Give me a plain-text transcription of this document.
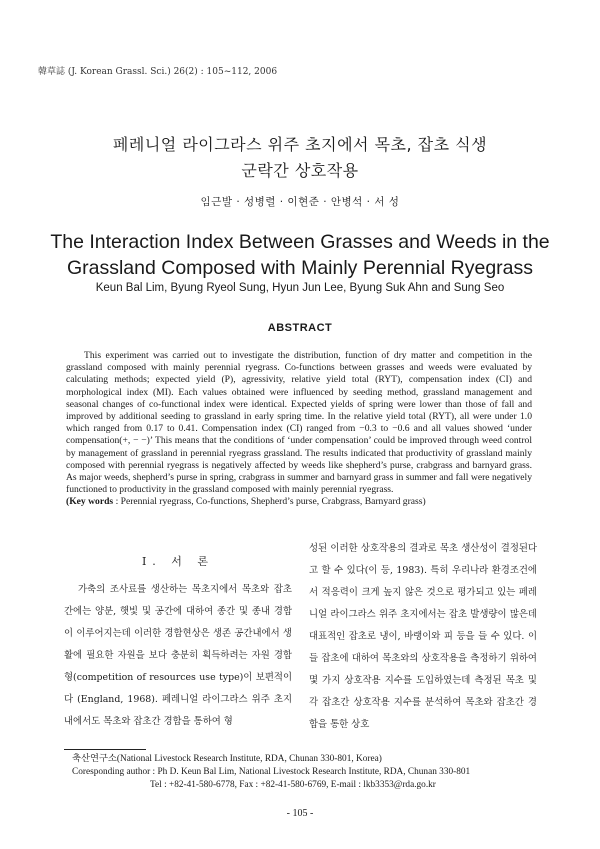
韓草誌 (J. Korean Grassl. Sci.) 26(2) : 105~112, 2006
페레니얼 라이그라스 위주 초지에서 목초, 잡초 식생
군락간 상호작용
임근발 · 성병렬 · 이현준 · 안병석 · 서 성
The Interaction Index Between Grasses and Weeds in the
Grassland Composed with Mainly Perennial Ryegrass
Keun Bal Lim, Byung Ryeol Sung, Hyun Jun Lee, Byung Suk Ahn and Sung Seo
ABSTRACT

This experiment was carried out to investigate the distribution, function of dry matter and competition in the grassland composed with mainly perennial ryegrass. Co-functions between grasses and weeds were evaluated by calculating methods; expected yield (P), agressivity, relative yield total (RYT), compensation index (CI) and morphological index (MI). Each values obtained were influenced by seeding method, grassland management and seasonal changes of co-functional index were identical. Expected yields of spring were lower than those of fall and improved by additional seeding to grassland in early spring time. In the relative yield total (RYT), all were under 1.0 which ranged from 0.17 to 0.41. Compensation index (CI) ranged from −0.3 to −0.6 and all values showed ‘under compensation(+, − −)’ This means that the conditions of ‘under compensation’ could be improved through weed control by management of grassland in perennial ryegrass grassland. The results indicated that productivity of grassland mainly composed with perennial ryegrass is negatively affected by weeds like shepherd’s purse, crabgrass and barnyard grass. As major weeds, shepherd’s purse in spring, crabgrass in summer and barnyard grass in summer and fall were negatively functioned to productivity in the grassland composed with mainly perennial ryegrass.

(Key words : Perennial ryegrass, Co-functions, Shepherd’s purse, Crabgrass, Barnyard grass)
Ⅰ. 서 론
가축의 조사료를 생산하는 목초지에서 목초와 잡초 간에는 양분, 햇빛 및 공간에 대하여 종간 및 종내 경합이 이루어지는데 이러한 경합현상은 생존 공간내에서 생활에 필요한 자원을 보다 충분히 획득하려는 자원 경합형(competition of resources use type)이 보편적이다 (England, 1968). 페레니얼 라이그라스 위주 초지 내에서도 목초와 잡초간 경합을 통하여 형
성된 이러한 상호작용의 결과로 목초 생산성이 결정된다고 할 수 있다(이 등, 1983). 특히 우리나라 환경조건에서 적응력이 크게 높지 않은 것으로 평가되고 있는 페레니얼 라이그라스 위주 초지에서는 잡초 발생량이 많은데 대표적인 잡초로 냉이, 바랭이와 피 등을 들 수 있다. 이들 잡초에 대하여 목초와의 상호작용을 측정하기 위하여 몇 가지 상호작용 지수를 도입하였는데 측정된 목초 및 각 잡초간 상호작용 지수를 분석하여 목초와 잡초간 경합을 통한 상호
축산연구소(National Livestock Research Institute, RDA, Chunan 330-801, Korea)
Coresponding author : Ph D. Keun Bal Lim, National Livestock Research Institute, RDA, Chunan 330-801
Tel : +82-41-580-6778, Fax : +82-41-580-6769, E-mail : lkb3353@rda.go.kr
- 105 -
